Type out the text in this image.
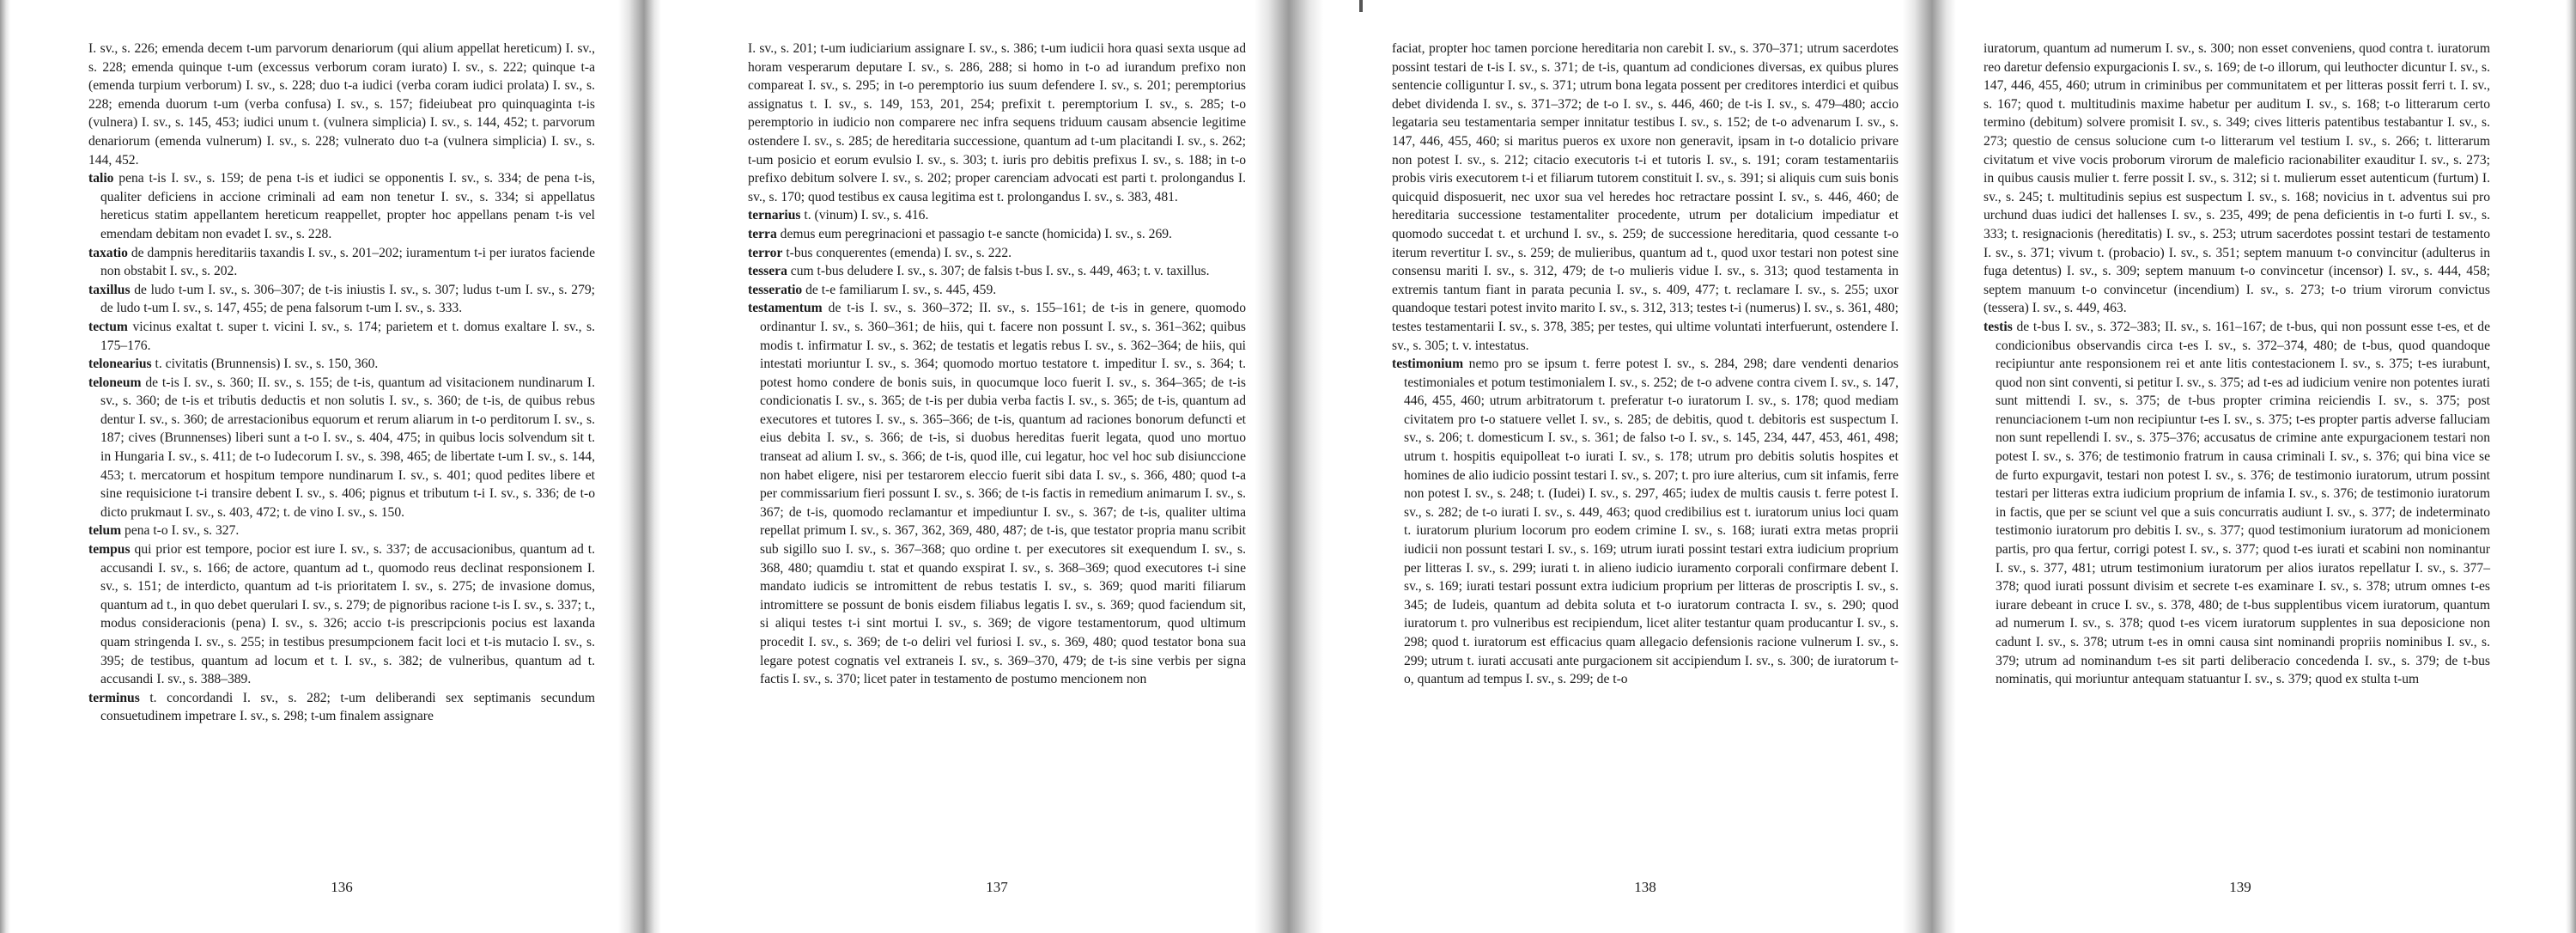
I. sv., s. 226; emenda decem t-um parvorum denariorum (qui alium appellat hereticum) I. sv., s. 228; emenda quinque t-um (excessus verborum coram iurato) I. sv., s. 222; quinque t-a (emenda turpium verborum) I. sv., s. 228; duo t-a iudici (verba coram iudici prolata) I. sv., s. 228; emenda duorum t-um (verba confusa) I. sv., s. 157; fideiubeat pro quinquaginta t-is (vulnera) I. sv., s. 145, 453; iudici unum t. (vulnera simplicia) I. sv., s. 144, 452; t. parvorum denariorum (emenda vulnerum) I. sv., s. 228; vulnerato duo t-a (vulnera simplicia) I. sv., s. 144, 452.

talio pena t-is I. sv., s. 159; de pena t-is et iudici se opponentis I. sv., s. 334; de pena t-is, qualiter deficiens in accione criminali ad eam non tenetur I. sv., s. 334; si appellatus hereticus statim appellantem hereticum reappellet, propter hoc appellans penam t-is vel emendam debitam non evadet I. sv., s. 228.

taxatio de dampnis hereditariis taxandis I. sv., s. 201–202; iuramentum t-i per iuratos faciende non obstabit I. sv., s. 202.

taxillus de ludo t-um I. sv., s. 306–307; de t-is iniustis I. sv., s. 307; ludus t-um I. sv., s. 279; de ludo t-um I. sv., s. 147, 455; de pena falsorum t-um I. sv., s. 333.

tectum vicinus exaltat t. super t. vicini I. sv., s. 174; parietem et t. domus exaltare I. sv., s. 175–176.

telonearius t. civitatis (Brunnensis) I. sv., s. 150, 360.

teloneum de t-is I. sv., s. 360; II. sv., s. 155; de t-is, quantum ad visitacionem nundinarum I. sv., s. 360; de t-is et tributis deductis et non solutis I. sv., s. 360; de t-is, de quibus rebus dentur I. sv., s. 360; de arrestacionibus equorum et rerum aliarum in t-o perditorum I. sv., s. 187; cives (Brunnenses) liberi sunt a t-o I. sv., s. 404, 475; in quibus locis solvendum sit t. in Hungaria I. sv., s. 411; de t-o Iudecorum I. sv., s. 398, 465; de libertate t-um I. sv., s. 144, 453; t. mercatorum et hospitum tempore nundinarum I. sv., s. 401; quod pedites libere et sine requisicione t-i transire debent I. sv., s. 406; pignus et tributum t-i I. sv., s. 336; de t-o dicto prukmaut I. sv., s. 403, 472; t. de vino I. sv., s. 150.

telum pena t-o I. sv., s. 327.

tempus qui prior est tempore, pocior est iure I. sv., s. 337; de accusacionibus, quantum ad t. accusandi I. sv., s. 166; de actore, quantum ad t., quomodo reus declinat responsionem I. sv., s. 151; de interdicto, quantum ad t-is prioritatem I. sv., s. 275; de invasione domus, quantum ad t., in quo debet querulari I. sv., s. 279; de pignoribus racione t-is I. sv., s. 337; t., modus consideracionis (pena) I. sv., s. 326; accio t-is prescripcionis pocius est laxanda quam stringenda I. sv., s. 255; in testibus presumpcionem facit loci et t-is mutacio I. sv., s. 395; de testibus, quantum ad locum et t. I. sv., s. 382; de vulneribus, quantum ad t. accusandi I. sv., s. 388–389.

terminus t. concordandi I. sv., s. 282; t-um deliberandi sex septimanis secundum consuetudinem impetrare I. sv., s. 298; t-um finalem assignare

136

I. sv., s. 201; t-um iudiciarium assignare I. sv., s. 386; t-um iudicii hora quasi sexta usque ad horam vesperarum deputare I. sv., s. 286, 288; si homo in t-o ad iurandum prefixo non compareat I. sv., s. 295; in t-o peremptorio ius suum defendere I. sv., s. 201; peremptorius assignatus t. I. sv., s. 149, 153, 201, 254; prefixit t. peremptorium I. sv., s. 285; t-o peremptorio in iudicio non comparere nec infra sequens triduum causam absencie legitime ostendere I. sv., s. 285; de hereditaria successione, quantum ad t-um placitandi I. sv., s. 262; t-um posicio et eorum evulsio I. sv., s. 303; t. iuris pro debitis prefixus I. sv., s. 188; in t-o prefixo debitum solvere I. sv., s. 202; proper carenciam advocati est parti t. prolongandus I. sv., s. 170; quod testibus ex causa legitima est t. prolongandus I. sv., s. 383, 481.

ternarius t. (vinum) I. sv., s. 416.

terra demus eum peregrinacioni et passagio t-e sancte (homicida) I. sv., s. 269.

terror t-bus conquerentes (emenda) I. sv., s. 222.

tessera cum t-bus deludere I. sv., s. 307; de falsis t-bus I. sv., s. 449, 463; t. v. taxillus.

tesseratio de t-e familiarum I. sv., s. 445, 459.

testamentum de t-is I. sv., s. 360–372; II. sv., s. 155–161; de t-is in genere, quomodo ordinantur I. sv., s. 360–361; de hiis, qui t. facere non possunt I. sv., s. 361–362; quibus modis t. infirmatur I. sv., s. 362; de testatis et legatis rebus I. sv., s. 362–364; de hiis, qui intestati moriuntur I. sv., s. 364; quomodo mortuo testatore t. impeditur I. sv., s. 364; t. potest homo condere de bonis suis, in quocumque loco fuerit I. sv., s. 364–365; de t-is condicionatis I. sv., s. 365; de t-is per dubia verba factis I. sv., s. 365; de t-is, quantum ad executores et tutores I. sv., s. 365–366; de t-is, quantum ad raciones bonorum defuncti et eius debita I. sv., s. 366; de t-is, si duobus hereditas fuerit legata, quod uno mortuo transeat ad alium I. sv., s. 366; de t-is, quod ille, cui legatur, hoc vel hoc sub disiunccione non habet eligere, nisi per testarorem eleccio fuerit sibi data I. sv., s. 366, 480; quod t-a per commissarium fieri possunt I. sv., s. 366; de t-is factis in remedium animarum I. sv., s. 367; de t-is, quomodo reclamantur et impediuntur I. sv., s. 367; de t-is, qualiter ultima repellat primum I. sv., s. 367, 362, 369, 480, 487; de t-is, que testator propria manu scribit sub sigillo suo I. sv., s. 367–368; quo ordine t. per executores sit exequendum I. sv., s. 368, 480; quamdiu t. stat et quando exspirat I. sv., s. 368–369; quod executores t-i sine mandato iudicis se intromittent de rebus testatis I. sv., s. 369; quod mariti filiarum intromittere se possunt de bonis eisdem filiabus legatis I. sv., s. 369; quod faciendum sit, si aliqui testes t-i sint mortui I. sv., s. 369; de vigore testamentorum, quod ultimum procedit I. sv., s. 369; de t-o deliri vel furiosi I. sv., s. 369, 480; quod testator bona sua legare potest cognatis vel extraneis I. sv., s. 369–370, 479; de t-is sine verbis per signa factis I. sv., s. 370; licet pater in testamento de postumo mencionem non

137

faciat, propter hoc tamen porcione hereditaria non carebit I. sv., s. 370–371; utrum sacerdotes possint testari de t-is I. sv., s. 371; de t-is, quantum ad condiciones diversas, ex quibus plures sentencie colliguntur I. sv., s. 371; utrum bona legata possent per creditores interdici et quibus debet dividenda I. sv., s. 371–372; de t-o I. sv., s. 446, 460; de t-is I. sv., s. 479–480; accio legataria seu testamentaria semper innitatur testibus I. sv., s. 152; de t-o advenarum I. sv., s. 147, 446, 455, 460; si maritus pueros ex uxore non generavit, ipsam in t-o dotalicio privare non potest I. sv., s. 212; citacio executoris t-i et tutoris I. sv., s. 191; coram testamentariis probis viris executorem t-i et filiarum tutorem constituit I. sv., s. 391; si aliquis cum suis bonis quicquid disposuerit, nec uxor sua vel heredes hoc retractare possint I. sv., s. 446, 460; de hereditaria successione testamentaliter procedente, utrum per dotalicium impediatur et quomodo succedat t. et urchund I. sv., s. 259; de successione hereditaria, quod cessante t-o iterum revertitur I. sv., s. 259; de mulieribus, quantum ad t., quod uxor testari non potest sine consensu mariti I. sv., s. 312, 479; de t-o mulieris vidue I. sv., s. 313; quod testamenta in extremis tantum fiant in parata pecunia I. sv., s. 409, 477; t. reclamare I. sv., s. 255; uxor quandoque testari potest invito marito I. sv., s. 312, 313; testes t-i (numerus) I. sv., s. 361, 480; testes testamentarii I. sv., s. 378, 385; per testes, qui ultime voluntati interfuerunt, ostendere I. sv., s. 305; t. v. intestatus.

testimonium nemo pro se ipsum t. ferre potest I. sv., s. 284, 298; dare vendenti denarios testimoniales et potum testimonialem I. sv., s. 252; de t-o advene contra civem I. sv., s. 147, 446, 455, 460; utrum arbitratorum t. preferatur t-o iuratorum I. sv., s. 178; quod mediam civitatem pro t-o statuere vellet I. sv., s. 285; de debitis, quod t. debitoris est suspectum I. sv., s. 206; t. domesticum I. sv., s. 361; de falso t-o I. sv., s. 145, 234, 447, 453, 461, 498; utrum t. hospitis equipolleat t-o iurati I. sv., s. 178; utrum pro debitis solutis hospites et homines de alio iudicio possint testari I. sv., s. 207; t. pro iure alterius, cum sit infamis, ferre non potest I. sv., s. 248; t. (Iudei) I. sv., s. 297, 465; iudex de multis causis t. ferre potest I. sv., s. 282; de t-o iurati I. sv., s. 449, 463; quod credibilius est t. iuratorum unius loci quam t. iuratorum plurium locorum pro eodem crimine I. sv., s. 168; iurati extra metas proprii iudicii non possunt testari I. sv., s. 169; utrum iurati possint testari extra iudicium proprium per litteras I. sv., s. 299; iurati t. in alieno iudicio iuramento corporali confirmare debent I. sv., s. 169; iurati testari possunt extra iudicium proprium per litteras de proscriptis I. sv., s. 345; de Iudeis, quantum ad debita soluta et t-o iuratorum contracta I. sv., s. 290; quod iuratorum t. pro vulneribus est recipiendum, licet aliter testantur quam producantur I. sv., s. 298; quod t. iuratorum est efficacius quam allegacio defensionis racione vulnerum I. sv., s. 299; utrum t. iurati accusati ante purgacionem sit accipiendum I. sv., s. 300; de iuratorum t-o, quantum ad tempus I. sv., s. 299; de t-o

138

iuratorum, quantum ad numerum I. sv., s. 300; non esset conveniens, quod contra t. iuratorum reo daretur defensio expurgacionis I. sv., s. 169; de t-o illorum, qui leuthocter dicuntur I. sv., s. 147, 446, 455, 460; utrum in criminibus per communitatem et per litteras possit ferri t. I. sv., s. 167; quod t. multitudinis maxime habetur per auditum I. sv., s. 168; t-o litterarum certo termino (debitum) solvere promisit I. sv., s. 349; cives litteris patentibus testabantur I. sv., s. 273; questio de census solucione cum t-o litterarum vel testium I. sv., s. 266; t. litterarum civitatum et vive vocis proborum virorum de maleficio racionabiliter exauditur I. sv., s. 273; in quibus causis mulier t. ferre possit I. sv., s. 312; si t. mulierum esset autenticum (furtum) I. sv., s. 245; t. multitudinis sepius est suspectum I. sv., s. 168; novicius in t. adventus sui pro urchund duas iudici det hallenses I. sv., s. 235, 499; de pena deficientis in t-o furti I. sv., s. 333; t. resignacionis (hereditatis) I. sv., s. 253; utrum sacerdotes possint testari de testamento I. sv., s. 371; vivum t. (probacio) I. sv., s. 351; septem manuum t-o convincitur (adulterus in fuga detentus) I. sv., s. 309; septem manuum t-o convincetur (incensor) I. sv., s. 444, 458; septem manuum t-o convincetur (incendium) I. sv., s. 273; t-o trium virorum convictus (tessera) I. sv., s. 449, 463.

testis de t-bus I. sv., s. 372–383; II. sv., s. 161–167; de t-bus, qui non possunt esse t-es, et de condicionibus observandis circa t-es I. sv., s. 372–374, 480; de t-bus, quod quandoque recipiuntur ante responsionem rei et ante litis contestacionem I. sv., s. 375; t-es iurabunt, quod non sint conventi, si petitur I. sv., s. 375; ad t-es ad iudicium venire non potentes iurati sunt mittendi I. sv., s. 375; de t-bus propter crimina reiciendis I. sv., s. 375; post renunciacionem t-um non recipiuntur t-es I. sv., s. 375; t-es propter partis adverse falluciam non sunt repellendi I. sv., s. 375–376; accusatus de crimine ante expurgacionem testari non potest I. sv., s. 376; de testimonio fratrum in causa criminali I. sv., s. 376; qui bina vice se de furto expurgavit, testari non potest I. sv., s. 376; de testimonio iuratorum, utrum possint testari per litteras extra iudicium proprium de infamia I. sv., s. 376; de testimonio iuratorum in factis, que per se sciunt vel que a suis concurratis audiunt I. sv., s. 377; de indeterminato testimonio iuratorum pro debitis I. sv., s. 377; quod testimonium iuratorum ad monicionem partis, pro qua fertur, corrigi potest I. sv., s. 377; quod t-es iurati et scabini non nominantur I. sv., s. 377, 481; utrum testimonium iuratorum per alios iuratos repellatur I. sv., s. 377–378; quod iurati possunt divisim et secrete t-es examinare I. sv., s. 378; utrum omnes t-es iurare debeant in cruce I. sv., s. 378, 480; de t-bus supplentibus vicem iuratorum, quantum ad numerum I. sv., s. 378; quod t-es vicem iuratorum supplentes in sua deposicione non cadunt I. sv., s. 378; utrum t-es in omni causa sint nominandi propriis nominibus I. sv., s. 379; utrum ad nominandum t-es sit parti deliberacio concedenda I. sv., s. 379; de t-bus nominatis, qui moriuntur antequam statuantur I. sv., s. 379; quod ex stulta t-um

139
